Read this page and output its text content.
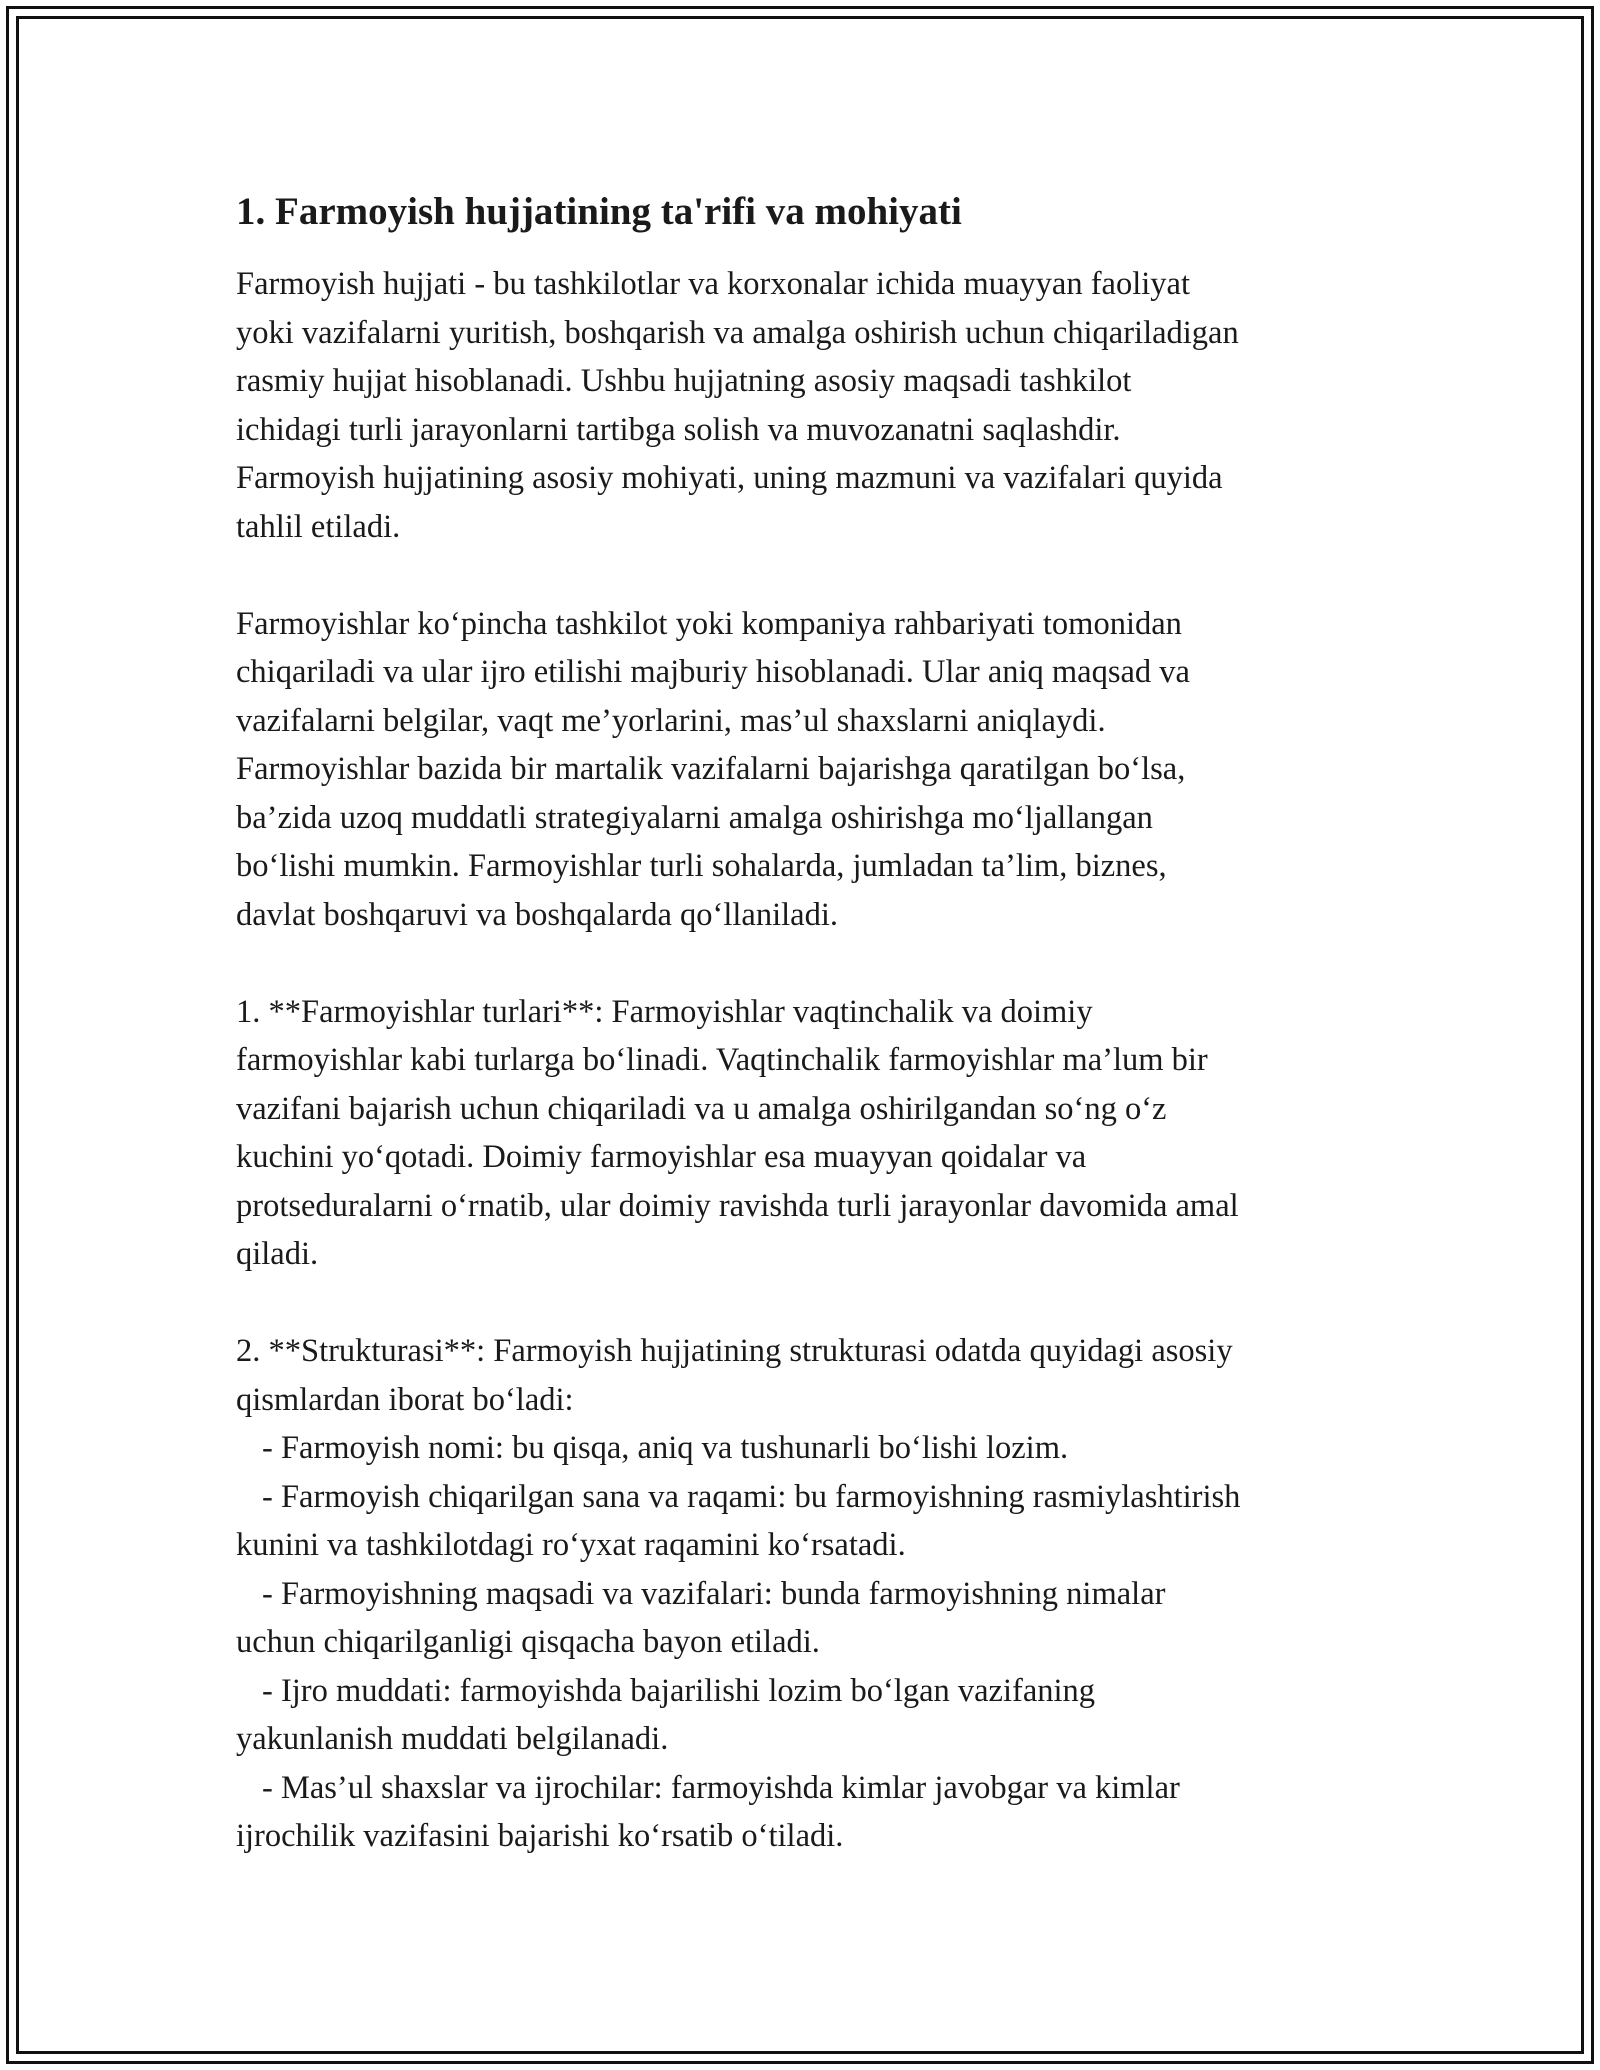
1. Farmoyish hujjatining ta'rifi va mohiyati
Farmoyish hujjati - bu tashkilotlar va korxonalar ichida muayyan faoliyat
yoki vazifalarni yuritish, boshqarish va amalga oshirish uchun chiqariladigan
rasmiy hujjat hisoblanadi. Ushbu hujjatning asosiy maqsadi tashkilot
ichidagi turli jarayonlarni tartibga solish va muvozanatni saqlashdir.
Farmoyish hujjatining asosiy mohiyati, uning mazmuni va vazifalari quyida
tahlil etiladi.
Farmoyishlar ko‘pincha tashkilot yoki kompaniya rahbariyati tomonidan
chiqariladi va ular ijro etilishi majburiy hisoblanadi. Ular aniq maqsad va
vazifalarni belgilar, vaqt me’yorlarini, mas’ul shaxslarni aniqlaydi.
Farmoyishlar bazida bir martalik vazifalarni bajarishga qaratilgan bo‘lsa,
ba’zida uzoq muddatli strategiyalarni amalga oshirishga mo‘ljallangan
bo‘lishi mumkin. Farmoyishlar turli sohalarda, jumladan ta’lim, biznes,
davlat boshqaruvi va boshqalarda qo‘llaniladi.
1. **Farmoyishlar turlari**: Farmoyishlar vaqtinchalik va doimiy
farmoyishlar kabi turlarga bo‘linadi. Vaqtinchalik farmoyishlar ma’lum bir
vazifani bajarish uchun chiqariladi va u amalga oshirilgandan so‘ng o‘z
kuchini yo‘qotadi. Doimiy farmoyishlar esa muayyan qoidalar va
protseduralarni o‘rnatib, ular doimiy ravishda turli jarayonlar davomida amal
qiladi.
2. **Strukturasi**: Farmoyish hujjatining strukturasi odatda quyidagi asosiy
qismlardan iborat bo‘ladi:
- Farmoyish nomi: bu qisqa, aniq va tushunarli bo‘lishi lozim.
- Farmoyish chiqarilgan sana va raqami: bu farmoyishning rasmiylashtirish
kunini va tashkilotdagi ro‘yxat raqamini ko‘rsatadi.
- Farmoyishning maqsadi va vazifalari: bunda farmoyishning nimalar
uchun chiqarilganligi qisqacha bayon etiladi.
- Ijro muddati: farmoyishda bajarilishi lozim bo‘lgan vazifaning
yakunlanish muddati belgilanadi.
- Mas’ul shaxslar va ijrochilar: farmoyishda kimlar javobgar va kimlar
ijrochilik vazifasini bajarishi ko‘rsatib o‘tiladi.
